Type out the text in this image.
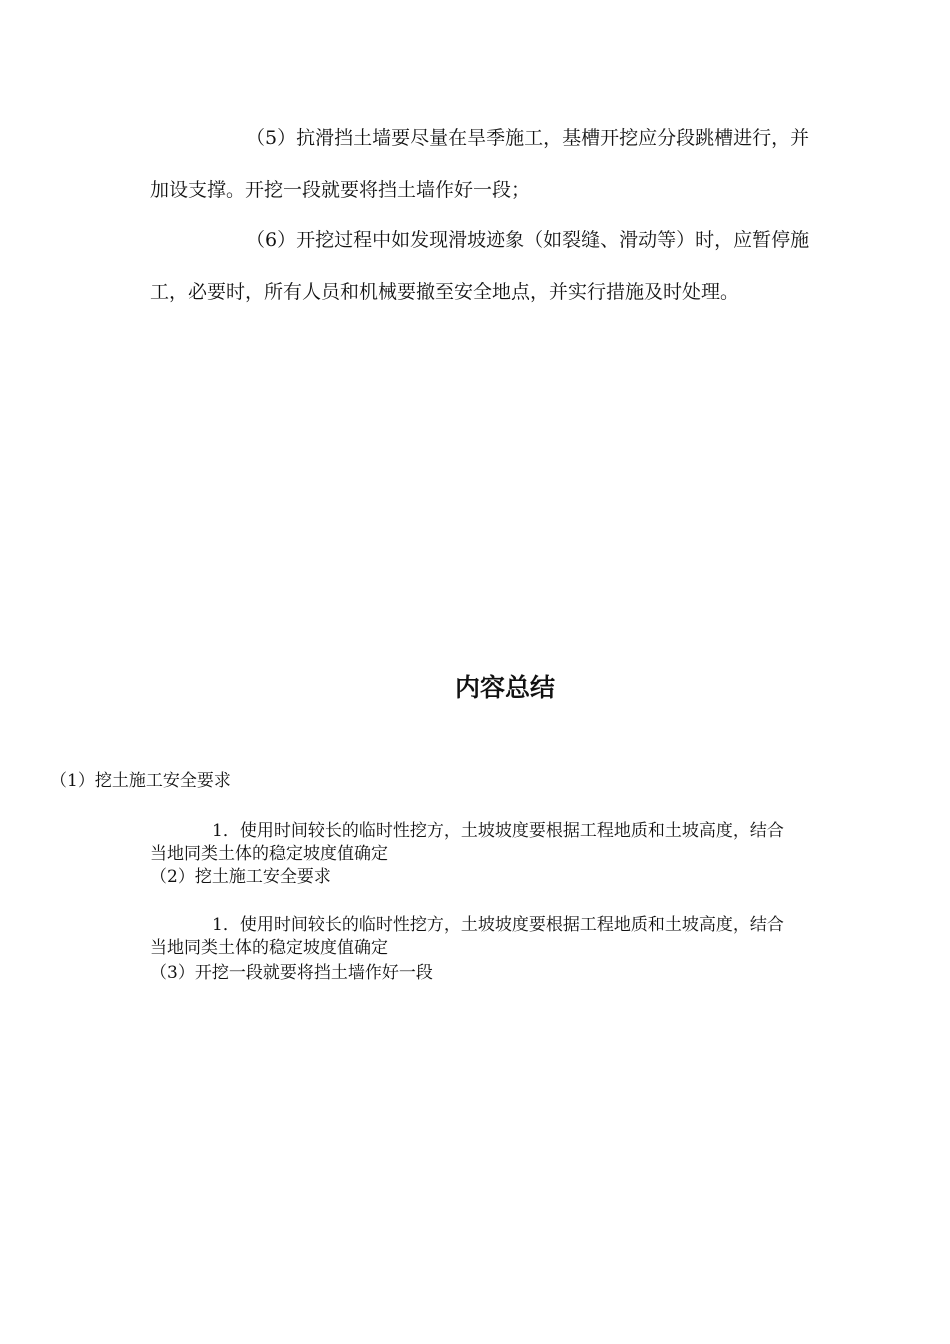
（5）抗滑挡土墙要尽量在旱季施工，基槽开挖应分段跳槽进行，并加设支撑。开挖一段就要将挡土墙作好一段；

（6）开挖过程中如发现滑坡迹象（如裂缝、滑动等）时，应暂停施工，必要时，所有人员和机械要撤至安全地点，并实行措施及时处理。

内容总结
（1）挖土施工安全要求
1．使用时间较长的临时性挖方，土坡坡度要根据工程地质和土坡高度，结合当地同类土体的稳定坡度值确定
（2）挖土施工安全要求
1．使用时间较长的临时性挖方，土坡坡度要根据工程地质和土坡高度，结合当地同类土体的稳定坡度值确定
（3）开挖一段就要将挡土墙作好一段
